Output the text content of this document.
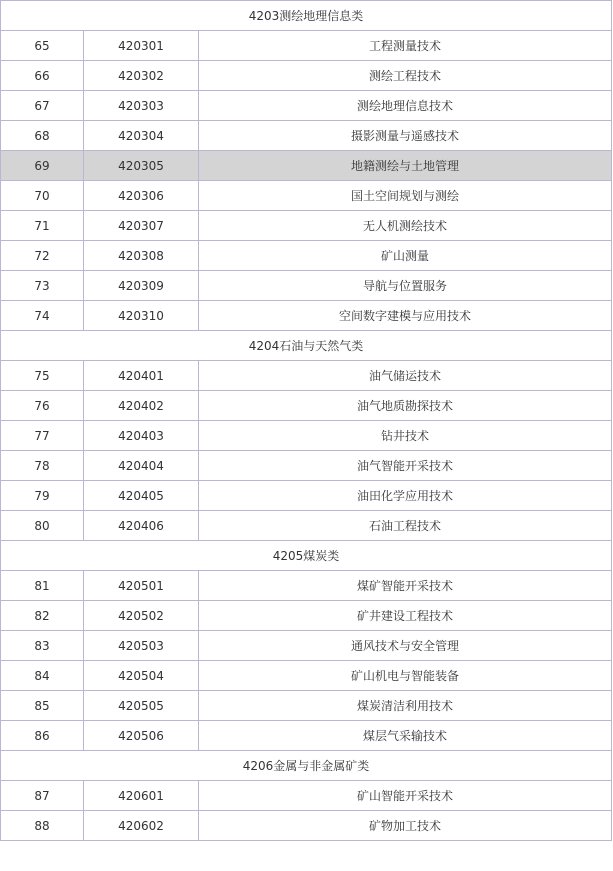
4203测绘地理信息类		
65	420301	工程测量技术
66	420302	测绘工程技术
67	420303	测绘地理信息技术
68	420304	摄影测量与遥感技术
69	420305	地籍测绘与土地管理
70	420306	国土空间规划与测绘
71	420307	无人机测绘技术
72	420308	矿山测量
73	420309	导航与位置服务
74	420310	空间数字建模与应用技术
4204石油与天然气类		
75	420401	油气储运技术
76	420402	油气地质勘探技术
77	420403	钻井技术
78	420404	油气智能开采技术
79	420405	油田化学应用技术
80	420406	石油工程技术
4205煤炭类		
81	420501	煤矿智能开采技术
82	420502	矿井建设工程技术
83	420503	通风技术与安全管理
84	420504	矿山机电与智能装备
85	420505	煤炭清洁利用技术
86	420506	煤层气采输技术
4206金属与非金属矿类		
87	420601	矿山智能开采技术
88	420602	矿物加工技术
